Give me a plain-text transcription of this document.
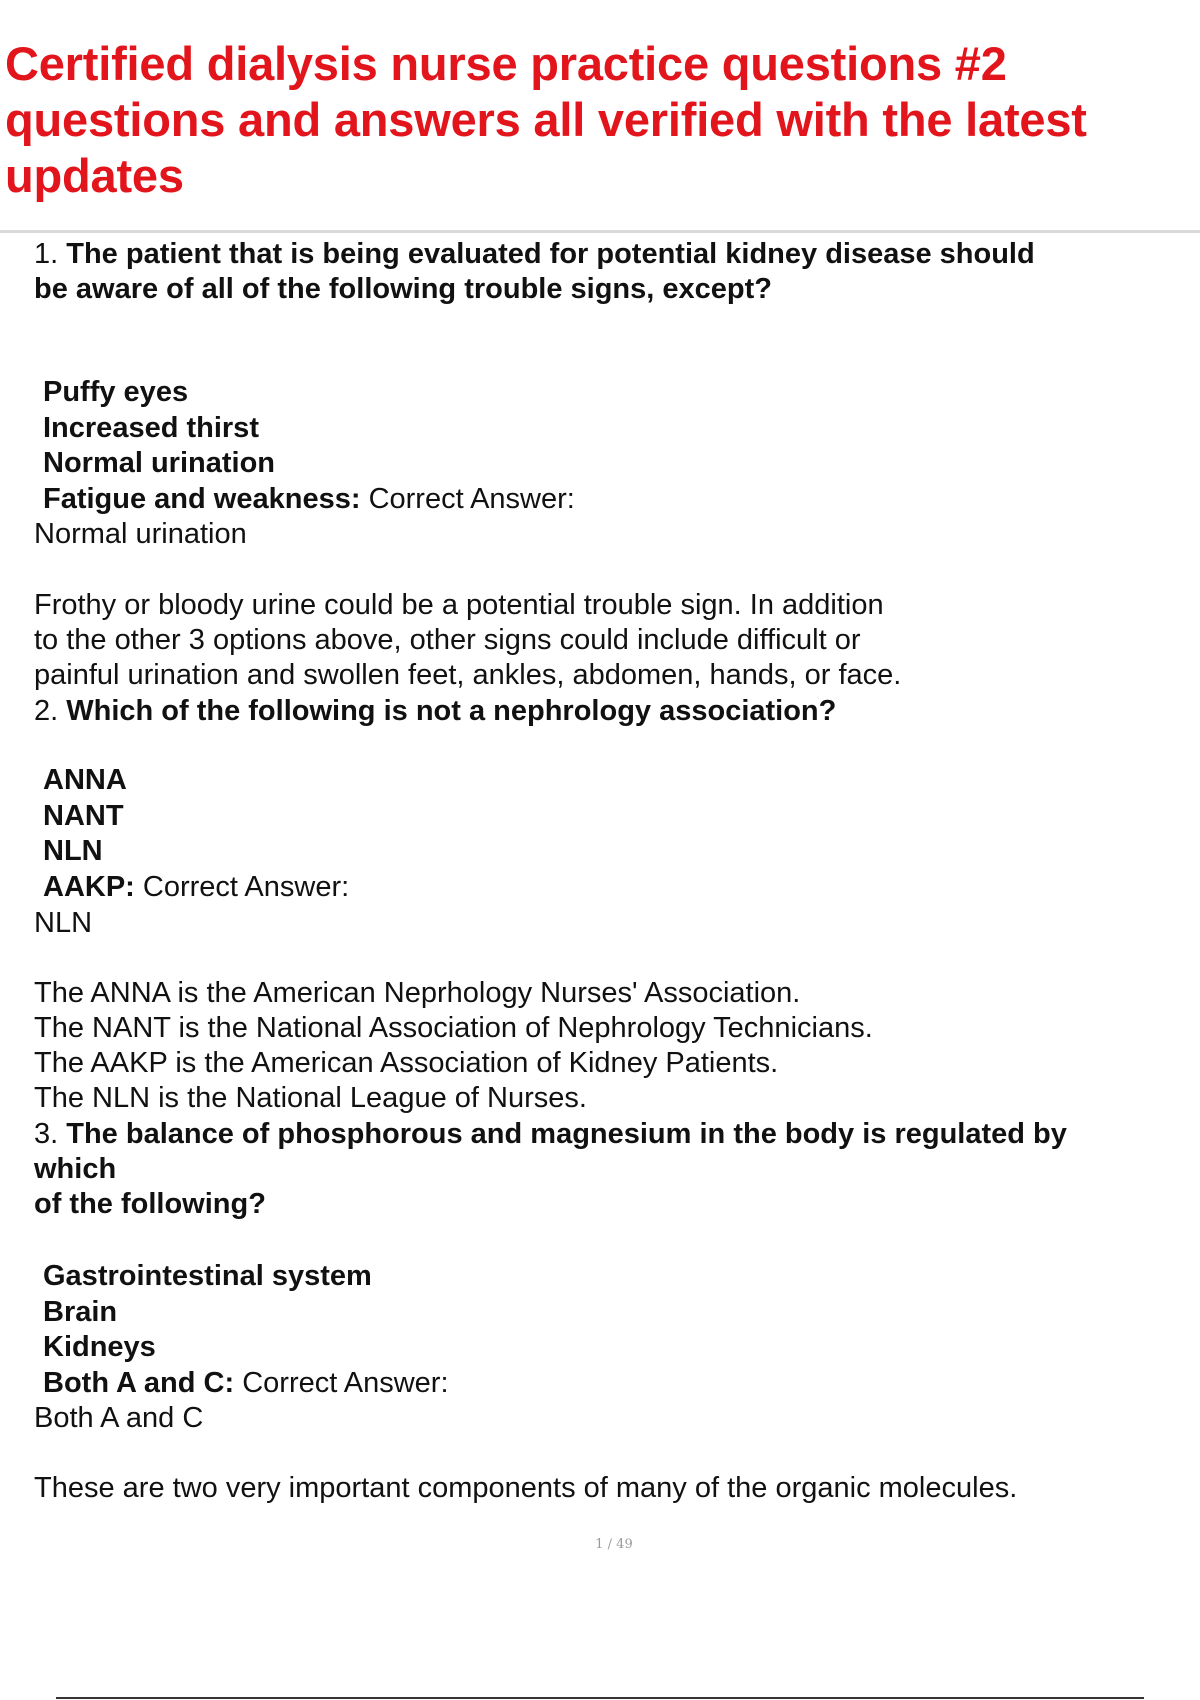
Certified dialysis nurse practice questions #2 questions and answers all verified with the latest updates
1. The patient that is being evaluated for potential kidney disease should
be aware of all of the following trouble signs, except?
Puffy eyes
Increased thirst
Normal urination
Fatigue and weakness: Correct Answer:
Normal urination
Frothy or bloody urine could be a potential trouble sign. In addition
to the other 3 options above, other signs could include difficult or
painful urination and swollen feet, ankles, abdomen, hands, or face.
2. Which of the following is not a nephrology association?
ANNA
NANT
NLN
AAKP: Correct Answer:
NLN
The ANNA is the American Neprhology Nurses' Association.
The NANT is the National Association of Nephrology Technicians.
The AAKP is the American Association of Kidney Patients.
The NLN is the National League of Nurses.
3. The balance of phosphorous and magnesium in the body is regulated by
which
of the following?
Gastrointestinal system
Brain
Kidneys
Both A and C: Correct Answer:
Both A and C
These are two very important components of many of the organic molecules.
1 / 49
